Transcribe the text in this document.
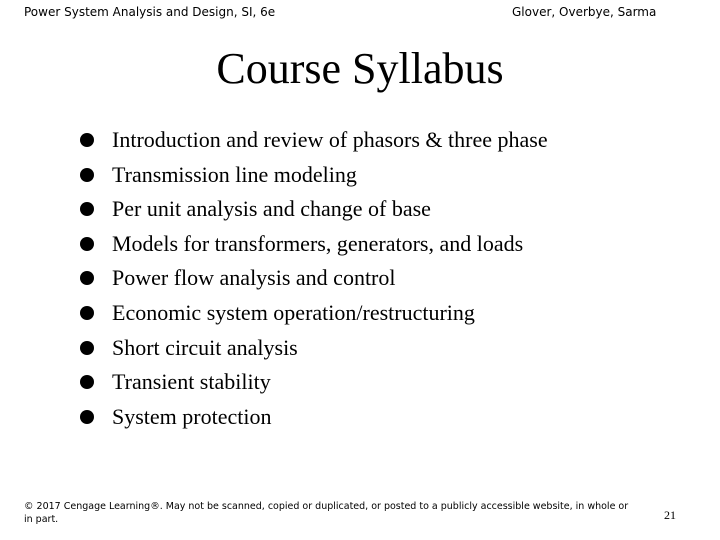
Power System Analysis and Design, SI, 6e	Glover, Overbye, Sarma
Course Syllabus
Introduction and review of phasors & three phase
Transmission line modeling
Per unit analysis and change of base
Models for transformers, generators, and loads
Power flow analysis and control
Economic system operation/restructuring
Short circuit analysis
Transient stability
System protection
© 2017 Cengage Learning®. May not be scanned, copied or duplicated, or posted to a publicly accessible website, in whole or in part.	21
